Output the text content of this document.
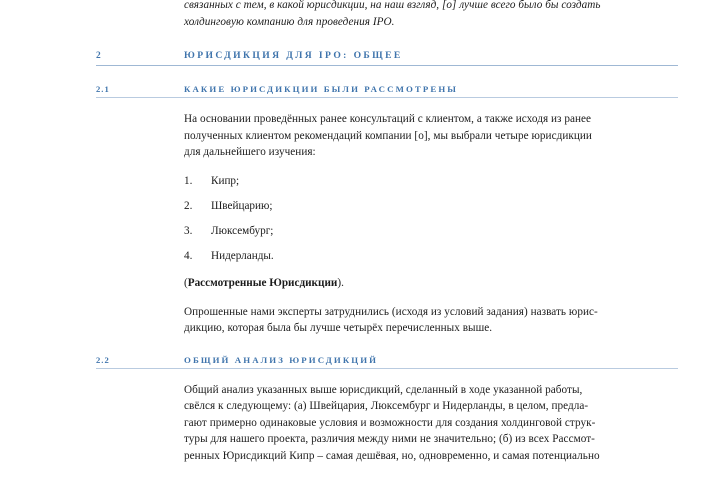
связанных с тем, в какой юрисдикции, на наш взгляд, [о] лучше всего было бы создать
холдинговую компанию для проведения IPO.
2	ЮРИСДИКЦИЯ ДЛЯ IPO: ОБЩЕЕ
2.1	КАКИЕ ЮРИСДИКЦИИ БЫЛИ РАССМОТРЕНЫ
На основании проведённых ранее консультаций с клиентом, а также исходя из ранее
полученных клиентом рекомендаций компании [о], мы выбрали четыре юрисдикции
для дальнейшего изучения:
1.	Кипр;
2.	Швейцарию;
3.	Люксембург;
4.	Нидерланды.
(Рассмотренные Юрисдикции).
Опрошенные нами эксперты затруднились (исходя из условий задания) назвать юрис-
дикцию, которая была бы лучше четырёх перечисленных выше.
2.2	ОБЩИЙ АНАЛИЗ ЮРИСДИКЦИЙ
Общий анализ указанных выше юрисдикций, сделанный в ходе указанной работы,
свёлся к следующему: (а) Швейцария, Люксембург и Нидерланды, в целом, предла-
гают примерно одинаковые условия и возможности для создания холдинговой струк-
туры для нашего проекта, различия между ними не значительно; (б) из всех Рассмот-
ренных Юрисдикций Кипр – самая дешёвая, но, одновременно, и самая потенциально
